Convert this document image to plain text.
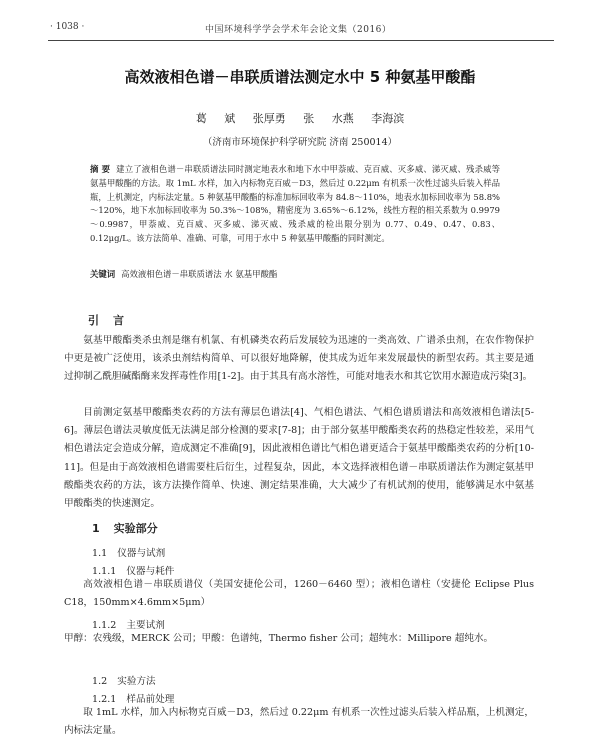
· 1038 ·	中国环境科学学会学术年会论文集（2016）
高效液相色谱－串联质谱法测定水中 5 种氨基甲酸酯
葛 斌 张厚勇 张 水燕 李海滨
（济南市环境保护科学研究院 济南 250014）
摘 要 建立了液相色谱－串联质谱法同时测定地表水和地下水中甲萘威、克百威、灭多威、涕灭威、残杀威等氨基甲酸酯的方法。取 1mL 水样，加入内标物克百威－D3，然后过 0.22μm 有机系一次性过滤头后装入样品瓶，上机测定，内标法定量。5 种氨基甲酸酯的标准加标回收率为 84.8～110%，地表水加标回收率为 58.8%～120%，地下水加标回收率为 50.3%～108%，精密度为 3.65%～6.12%，线性方程的相关系数为 0.9979～0.9987，甲萘威、克百威、灭多威、涕灭威、残杀威的检出限分别为 0.77、0.49、0.47、0.83、0.12μg/L。该方法简单、准确、可靠，可用于水中 5 种氨基甲酸酯的同时测定。
关键词 高效液相色谱－串联质谱法 水 氨基甲酸酯
引言
氨基甲酸酯类杀虫剂是继有机氯、有机磷类农药后发展较为迅速的一类高效、广谱杀虫剂，在农作物保护中更是被广泛使用，该杀虫剂结构简单、可以很好地降解，使其成为近年来发展最快的新型农药。其主要是通过抑制乙酰胆碱酯酶来发挥毒性作用[1-2]。由于其具有高水溶性，可能对地表水和其它饮用水源造成污染[3]。
目前测定氨基甲酸酯类农药的方法有薄层色谱法[4]、气相色谱法、气相色谱质谱法和高效液相色谱法[5-6]。薄层色谱法灵敏度低无法满足部分检测的要求[7-8]；由于部分氨基甲酸酯类农药的热稳定性较差，采用气相色谱法定会造成分解，造成测定不准确[9]，因此液相色谱比气相色谱更适合于氨基甲酸酯类农药的分析[10-11]。但是由于高效液相色谱需要柱后衍生，过程复杂，因此，本文选择液相色谱－串联质谱法作为测定氨基甲酸酯类农药的方法，该方法操作简单、快速、测定结果准确，大大减少了有机试剂的使用，能够满足水中氨基甲酸酯类的快速测定。
1 实验部分
1.1 仪器与试剂
1.1.1 仪器与耗件
高效液相色谱－串联质谱仪（美国安捷伦公司，1260－6460 型）；液相色谱柱（安捷伦 Eclipse Plus C18，150mm×4.6mm×5μm）
1.1.2 主要试剂
甲醇：农残级，MERCK 公司；甲酸：色谱纯，Thermo fisher 公司；超纯水：Millipore 超纯水。
1.2 实验方法
1.2.1 样品前处理
取 1mL 水样，加入内标物克百威－D3，然后过 0.22μm 有机系一次性过滤头后装入样品瓶，上机测定，内标法定量。
